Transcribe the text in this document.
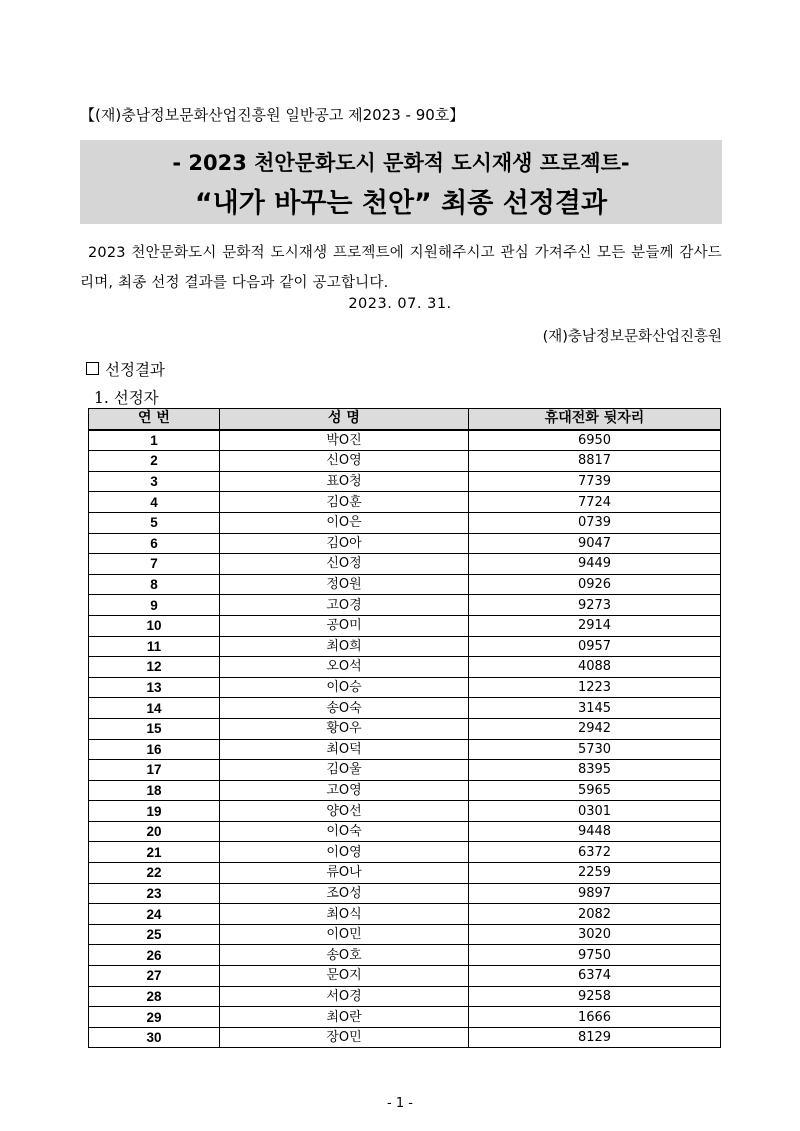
【(재)충남정보문화산업진흥원 일반공고 제2023 - 90호】
- 2023 천안문화도시 문화적 도시재생 프로젝트-
“내가 바꾸는 천안” 최종 선정결과
2023 천안문화도시 문화적 도시재생 프로젝트에 지원해주시고 관심 가져주신 모든 분들께 감사드리며, 최종 선정 결과를 다음과 같이 공고합니다.
2023. 07. 31.
(재)충남정보문화산업진흥원
선정결과
1. 선정자
연 번	성 명	휴대전화 뒷자리
1	박O진	6950
2	신O영	8817
3	표O청	7739
4	김O훈	7724
5	이O은	0739
6	김O아	9047
7	신O정	9449
8	정O원	0926
9	고O경	9273
10	공O미	2914
11	최O희	0957
12	오O석	4088
13	이O승	1223
14	송O숙	3145
15	황O우	2942
16	최O덕	5730
17	김O울	8395
18	고O영	5965
19	양O선	0301
20	이O숙	9448
21	이O영	6372
22	류O나	2259
23	조O성	9897
24	최O식	2082
25	이O민	3020
26	송O호	9750
27	문O지	6374
28	서O경	9258
29	최O란	1666
30	장O민	8129
- 1 -
